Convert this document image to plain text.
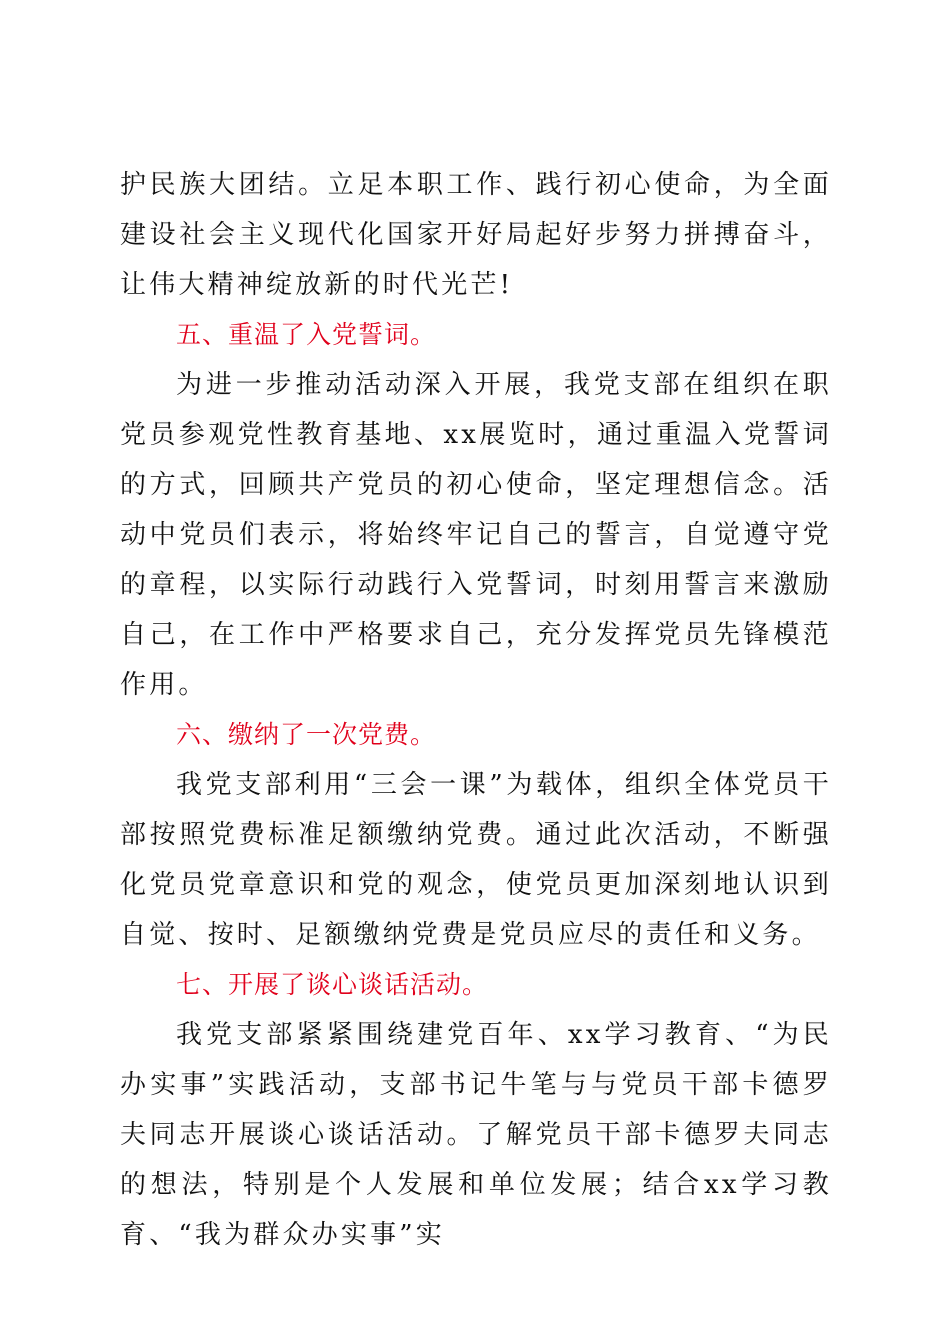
护民族大团结。立足本职工作、践行初心使命，为全面建设社会主义现代化国家开好局起好步努力拼搏奋斗，让伟大精神绽放新的时代光芒!

五、重温了入党誓词。

为进一步推动活动深入开展，我党支部在组织在职党员参观党性教育基地、xx展览时，通过重温入党誓词的方式，回顾共产党员的初心使命，坚定理想信念。活动中党员们表示，将始终牢记自己的誓言，自觉遵守党的章程，以实际行动践行入党誓词，时刻用誓言来激励自己，在工作中严格要求自己，充分发挥党员先锋模范作用。

六、缴纳了一次党费。

我党支部利用“三会一课”为载体，组织全体党员干部按照党费标准足额缴纳党费。通过此次活动，不断强化党员党章意识和党的观念，使党员更加深刻地认识到自觉、按时、足额缴纳党费是党员应尽的责任和义务。

七、开展了谈心谈话活动。

我党支部紧紧围绕建党百年、xx学习教育、“为民办实事”实践活动，支部书记牛笔与与党员干部卡德罗夫同志开展谈心谈话活动。了解党员干部卡德罗夫同志的想法，特别是个人发展和单位发展；结合xx学习教育、“我为群众办实事”实
